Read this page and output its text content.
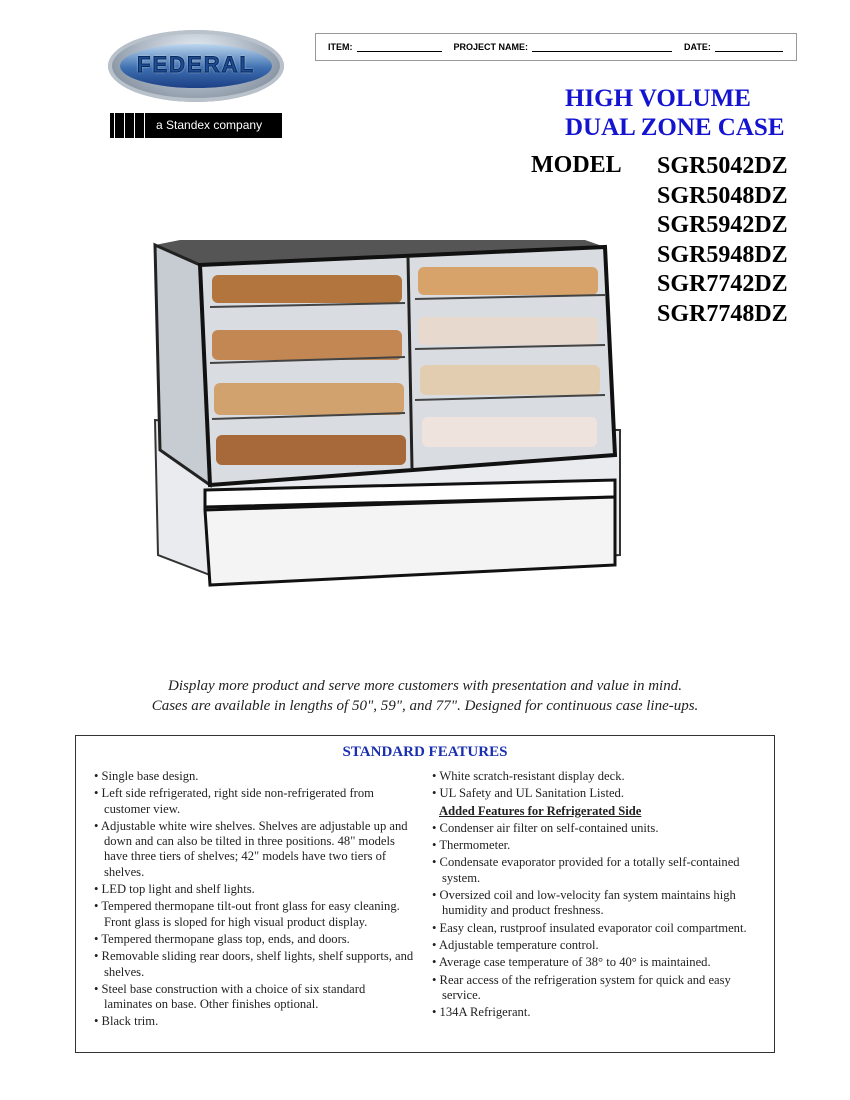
FEDERAL
a Standex company
ITEM:	PROJECT NAME:	DATE:
HIGH VOLUME
DUAL ZONE CASE
MODEL SGR5042DZ
SGR5048DZ
SGR5942DZ
SGR5948DZ
SGR7742DZ
SGR7748DZ
Display more product and serve more customers with presentation and value in mind.
Cases are available in lengths of 50", 59", and 77". Designed for continuous case line-ups.
STANDARD FEATURES
• Single base design.
• Left side refrigerated, right side non-refrigerated from customer view.
• Adjustable white wire shelves. Shelves are adjustable up and down and can also be tilted in three positions. 48" models have three tiers of shelves; 42" models have two tiers of shelves.
• LED top light and shelf lights.
• Tempered thermopane tilt-out front glass for easy cleaning. Front glass is sloped for high visual product display.
• Tempered thermopane glass top, ends, and doors.
• Removable sliding rear doors, shelf lights, shelf supports, and shelves.
• Steel base construction with a choice of six standard laminates on base. Other finishes optional.
• Black trim.
• White scratch-resistant display deck.
• UL Safety and UL Sanitation Listed.
Added Features for Refrigerated Side
• Condenser air filter on self-contained units.
• Thermometer.
• Condensate evaporator provided for a totally self-contained system.
• Oversized coil and low-velocity fan system maintains high humidity and product freshness.
• Easy clean, rustproof insulated evaporator coil compartment.
• Adjustable temperature control.
• Average case temperature of 38° to 40° is maintained.
• Rear access of the refrigeration system for quick and easy service.
• 134A Refrigerant.
